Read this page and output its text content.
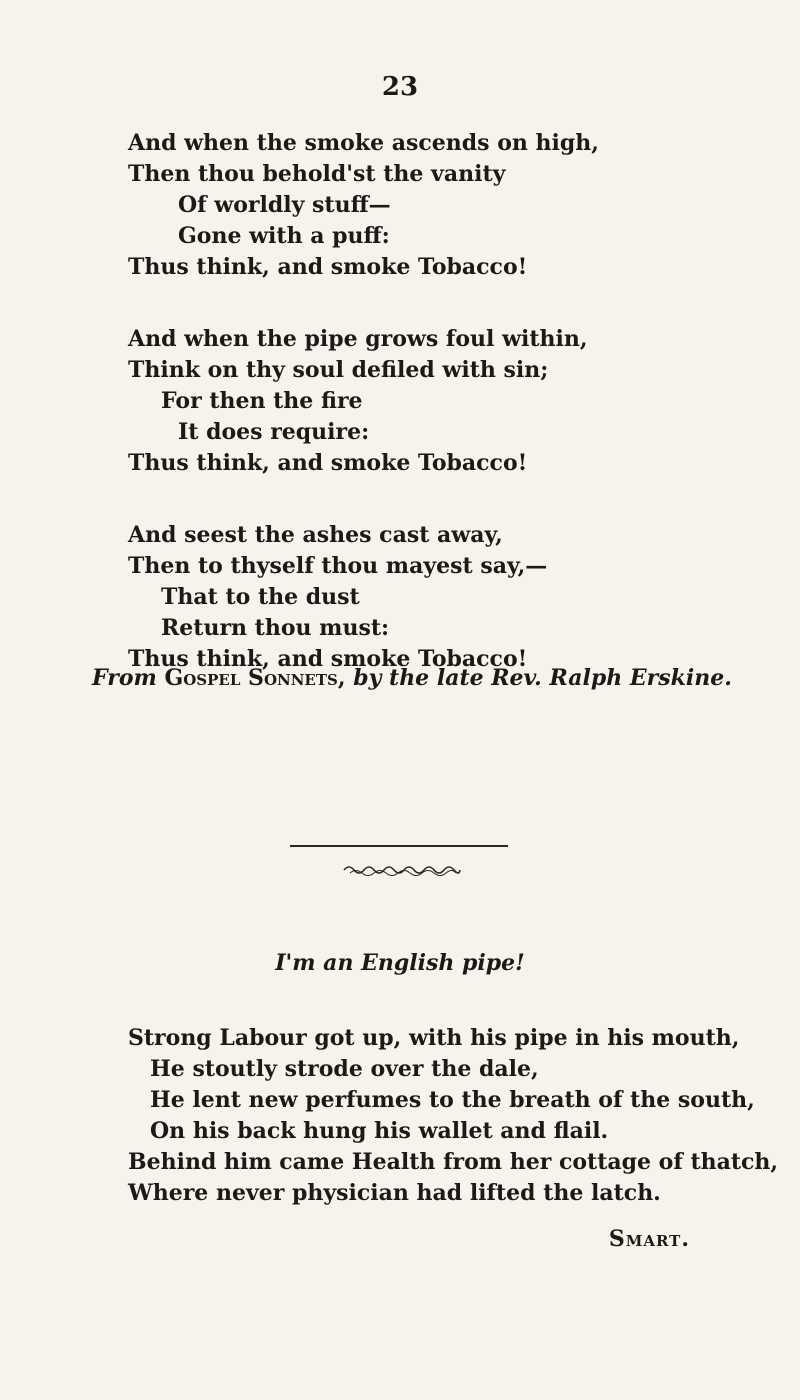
23
And when the smoke ascends on high,
Then thou behold'st the vanity
Of worldly stuff—
Gone with a puff:
Thus think, and smoke Tobacco!
And when the pipe grows foul within,
Think on thy soul defiled with sin;
For then the fire
It does require:
Thus think, and smoke Tobacco!
And seest the ashes cast away,
Then to thyself thou mayest say,—
That to the dust
Return thou must:
Thus think, and smoke Tobacco!
From Gospel Sonnets, by the late Rev. Ralph Erskine.
I'm an English pipe!
Strong Labour got up, with his pipe in his mouth,
He stoutly strode over the dale,
He lent new perfumes to the breath of the south,
On his back hung his wallet and flail.
Behind him came Health from her cottage of thatch,
Where never physician had lifted the latch.
Smart.
